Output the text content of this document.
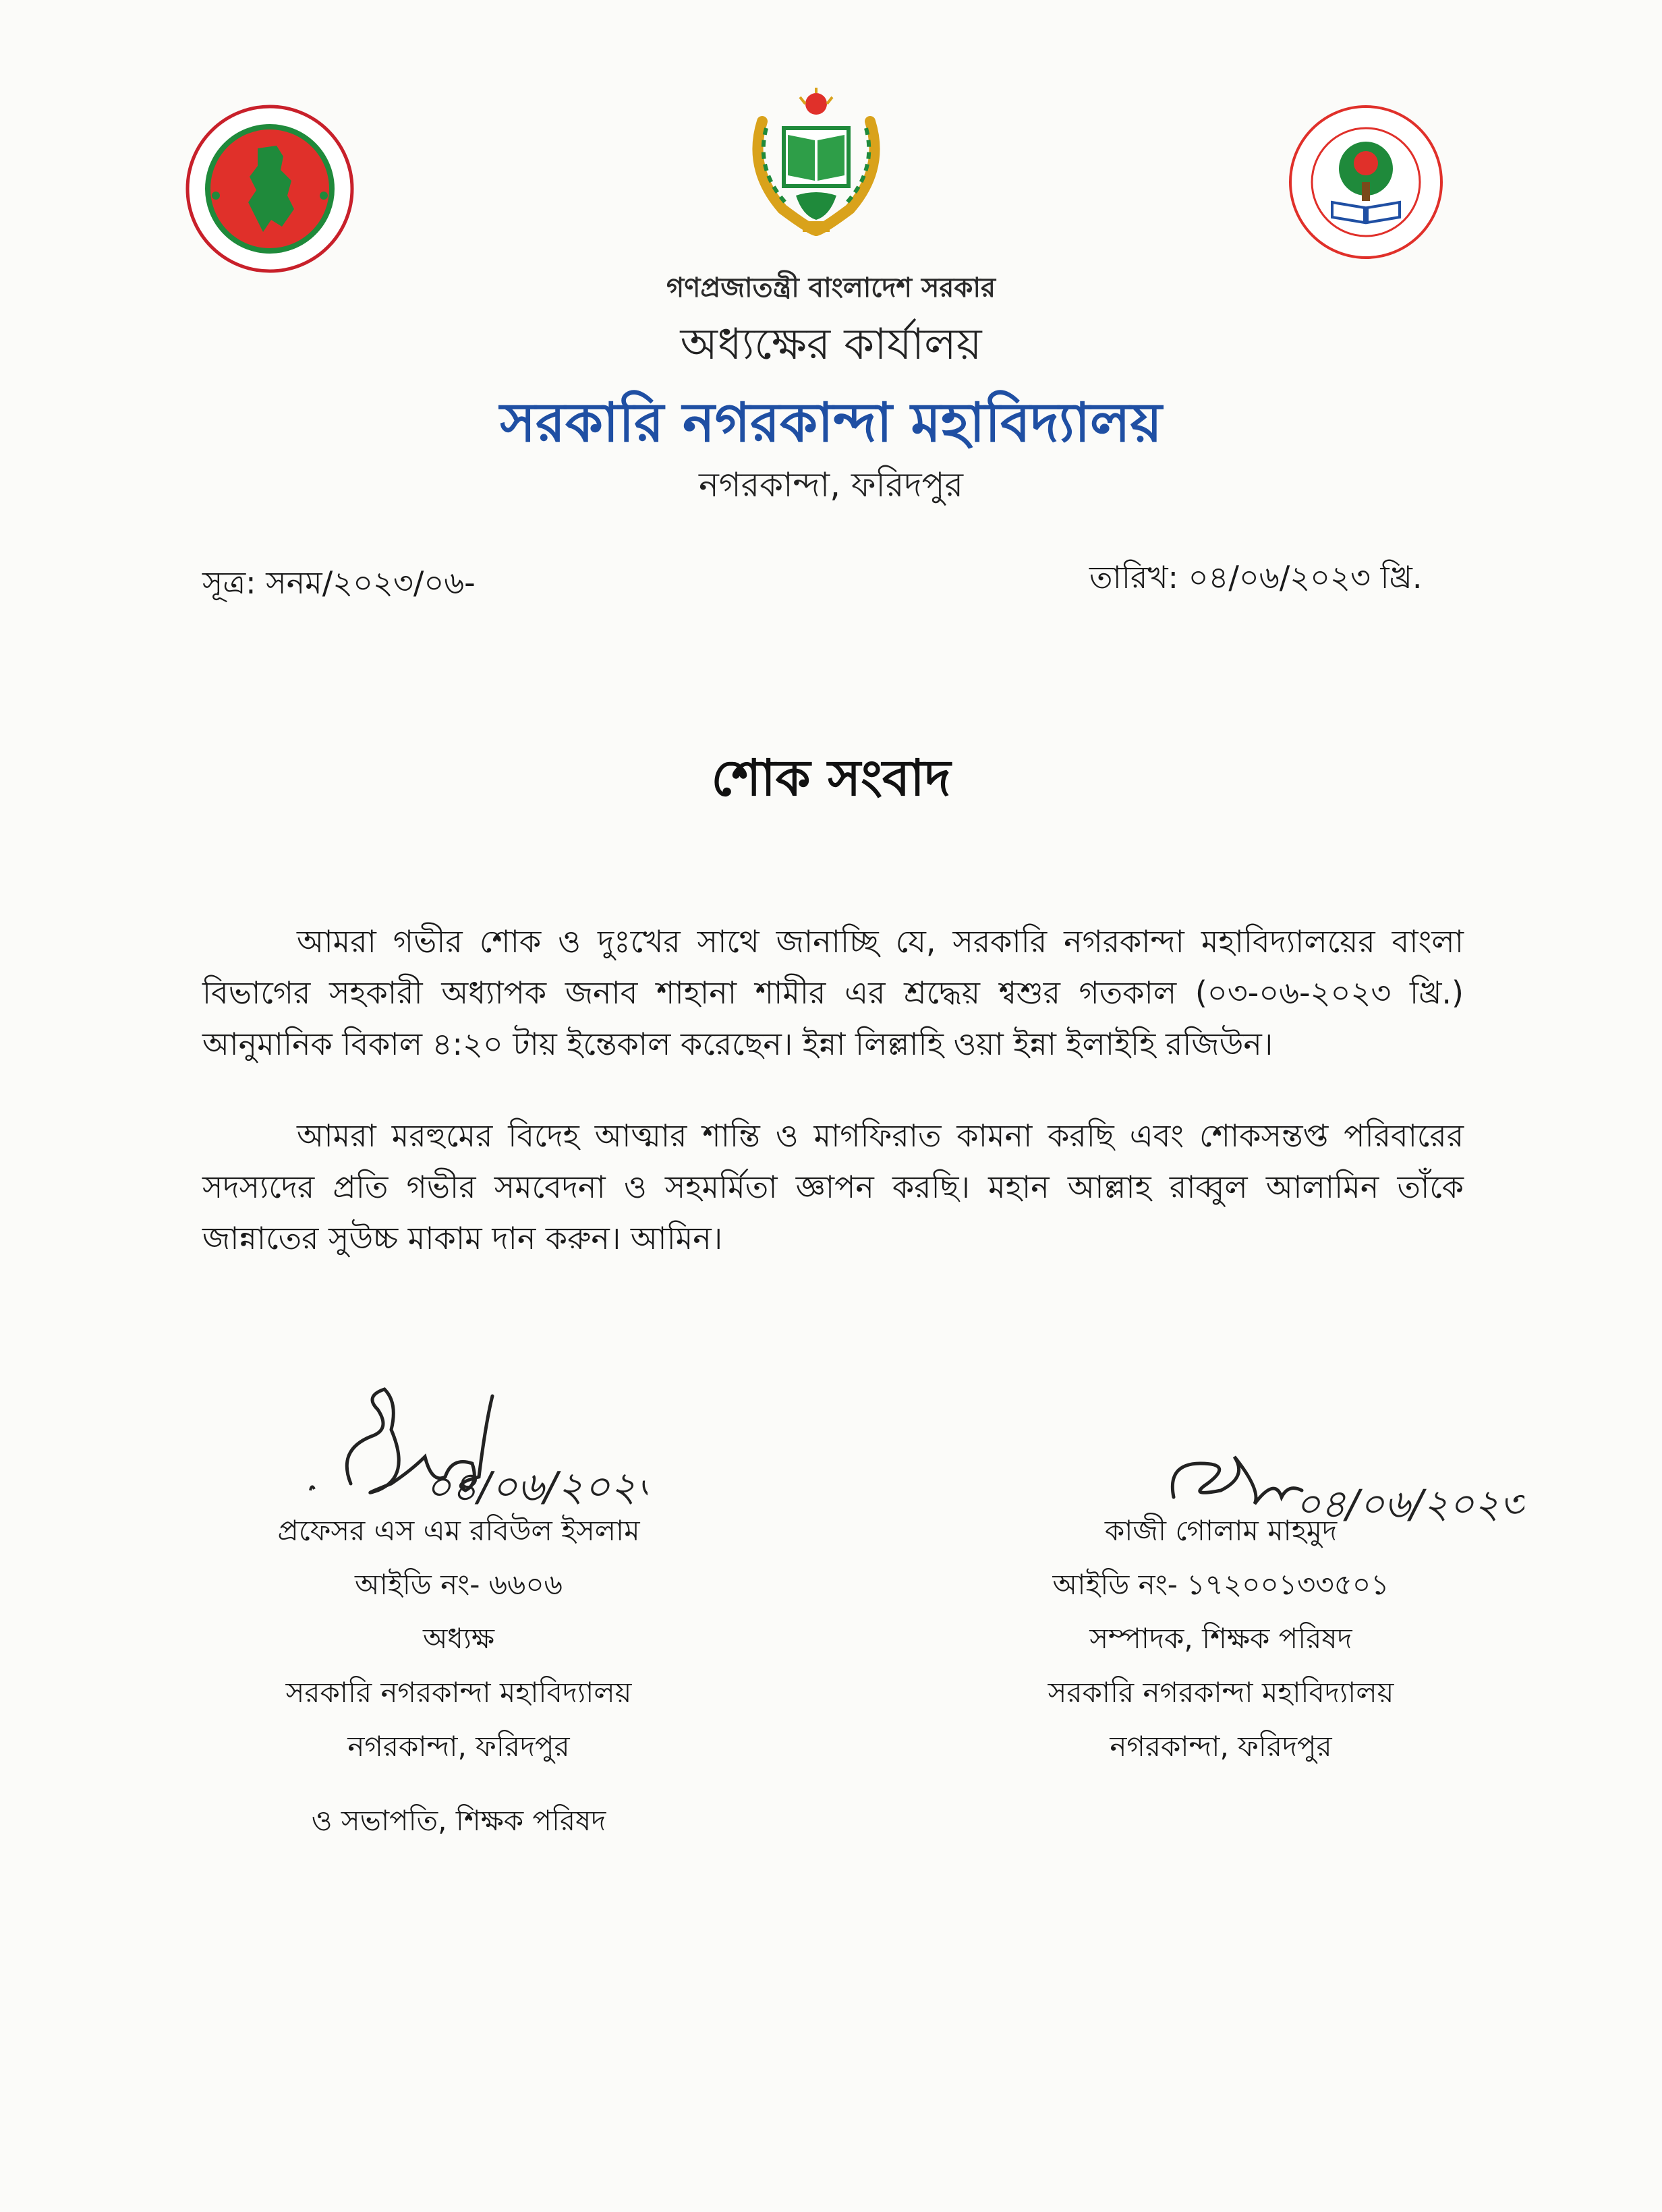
গণপ্রজাতন্ত্রী বাংলাদেশ সরকার
অধ্যক্ষের কার্যালয়
সরকারি নগরকান্দা মহাবিদ্যালয়
নগরকান্দা, ফরিদপুর
সূত্র: সনম/২০২৩/০৬-	তারিখ: ০৪/০৬/২০২৩ খ্রি.
শোক সংবাদ
আমরা গভীর শোক ও দুঃখের সাথে জানাচ্ছি যে, সরকারি নগরকান্দা মহাবিদ্যালয়ের বাংলা বিভাগের সহকারী অধ্যাপক জনাব শাহানা শামীর এর শ্রদ্ধেয় শ্বশুর গতকাল (০৩-০৬-২০২৩ খ্রি.) আনুমানিক বিকাল ৪:২০ টায় ইন্তেকাল করেছেন। ইন্না লিল্লাহি ওয়া ইন্না ইলাইহি রজিউন।
আমরা মরহুমের বিদেহ আত্মার শান্তি ও মাগফিরাত কামনা করছি এবং শোকসন্তপ্ত পরিবারের সদস্যদের প্রতি গভীর সমবেদনা ও সহমর্মিতা জ্ঞাপন করছি। মহান আল্লাহ রাব্বুল আলামিন তাঁকে জান্নাতের সুউচ্চ মাকাম দান করুন। আমিন।
০৪/০৬/২০২৩	০৪/০৬/২০২৩
প্রফেসর এস এম রবিউল ইসলাম
আইডি নং- ৬৬০৬
অধ্যক্ষ
সরকারি নগরকান্দা মহাবিদ্যালয়
নগরকান্দা, ফরিদপুর
ও সভাপতি, শিক্ষক পরিষদ
কাজী গোলাম মাহমুদ
আইডি নং- ১৭২০০১৩৩৫০১
সম্পাদক, শিক্ষক পরিষদ
সরকারি নগরকান্দা মহাবিদ্যালয়
নগরকান্দা, ফরিদপুর
